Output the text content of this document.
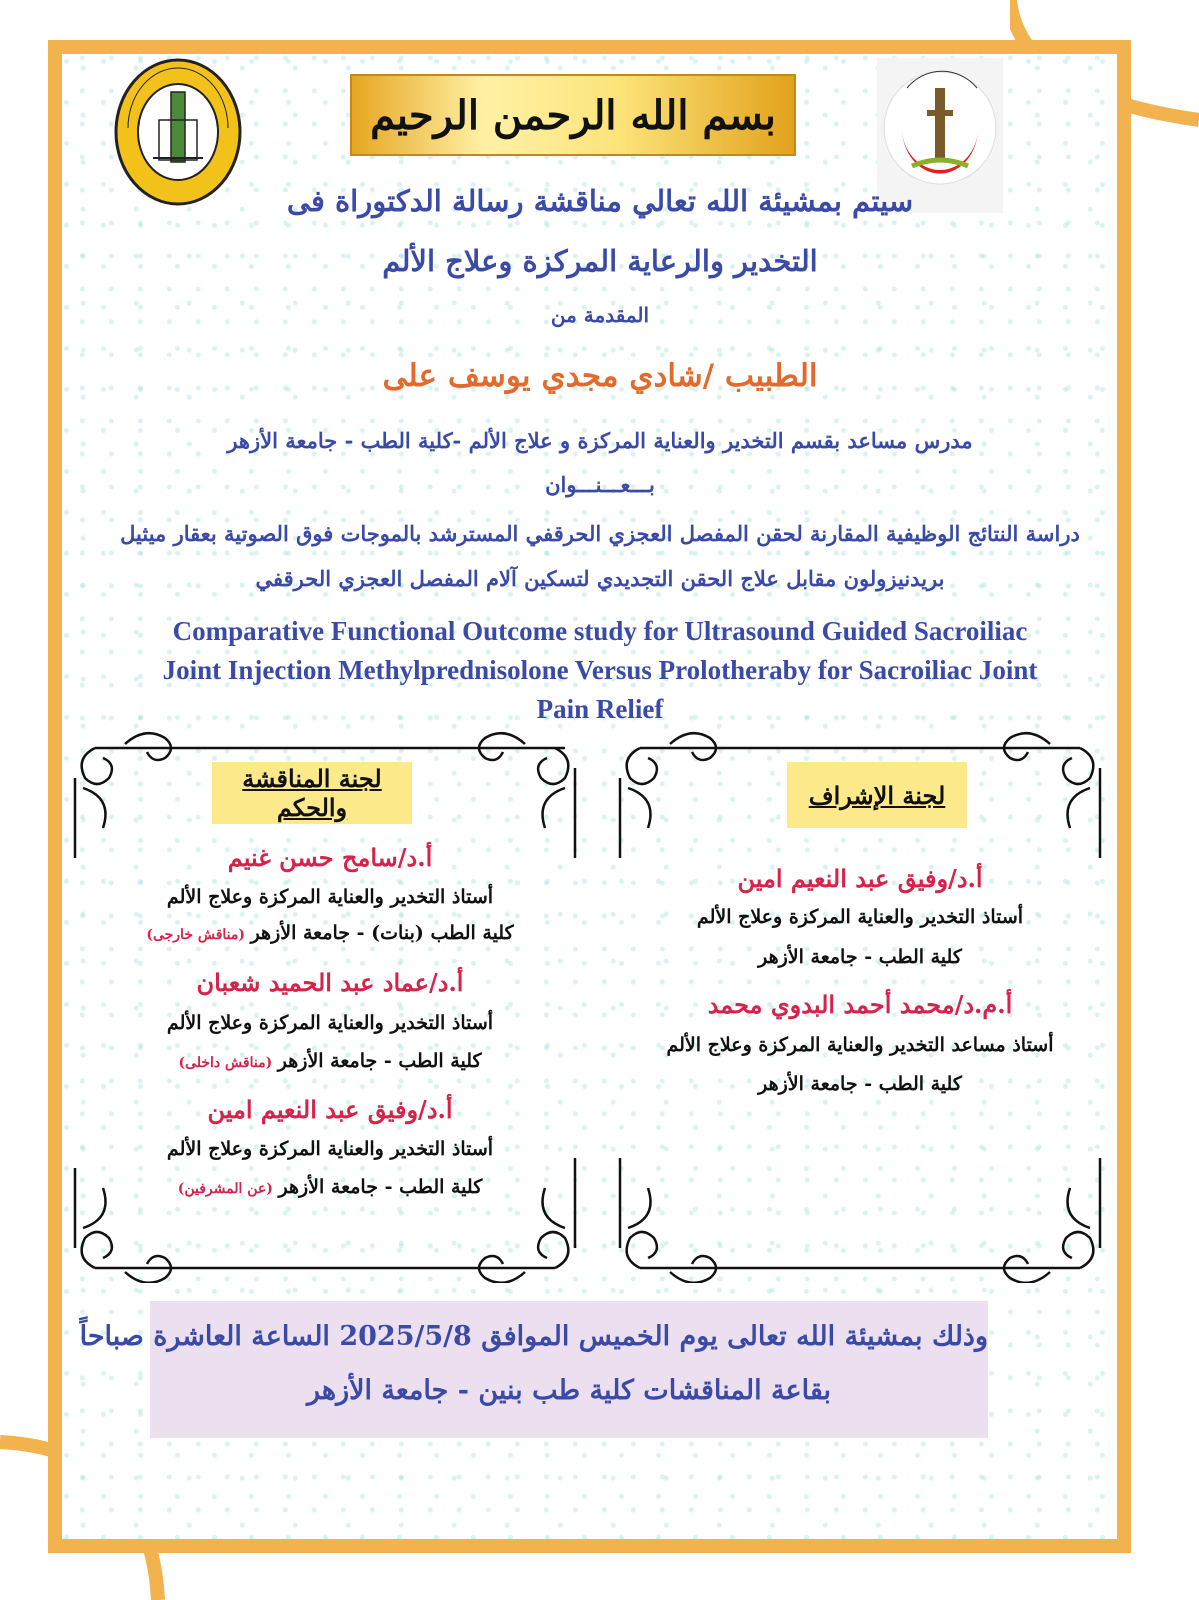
بسم الله الرحمن الرحيم
سيتم بمشيئة الله تعالي مناقشة رسالة الدكتوراة فى
التخدير والرعاية المركزة وعلاج الألم
المقدمة من
الطبيب /شادي مجدي يوسف على
مدرس مساعد بقسم التخدير والعناية المركزة و علاج الألم -كلية الطب - جامعة الأزهر
بـــعـــنـــوان
دراسة النتائج الوظيفية المقارنة لحقن المفصل العجزي الحرقفي المسترشد بالموجات فوق الصوتية بعقار ميثيل
بريدنيزولون مقابل علاج الحقن التجديدي لتسكين آلام المفصل العجزي الحرقفي
Comparative Functional Outcome study for Ultrasound Guided Sacroiliac
Joint Injection Methylprednisolone Versus Prolotheraby for Sacroiliac Joint
Pain Relief
لجنة المناقشة والحكم
أ.د/سامح حسن غنيم
أستاذ التخدير والعناية المركزة وعلاج الألم
كلية الطب (بنات) - جامعة الأزهر (مناقش خارجى)
أ.د/عماد عبد الحميد شعبان
أستاذ التخدير والعناية المركزة وعلاج الألم
كلية الطب - جامعة الأزهر (مناقش داخلى)
أ.د/وفيق عبد النعيم امين
أستاذ التخدير والعناية المركزة وعلاج الألم
كلية الطب - جامعة الأزهر (عن المشرفين)
لجنة الإشراف
أ.د/وفيق عبد النعيم امين
أستاذ التخدير والعناية المركزة وعلاج الألم
كلية الطب - جامعة الأزهر
أ.م.د/محمد أحمد البدوي محمد
أستاذ مساعد التخدير والعناية المركزة وعلاج الألم
كلية الطب - جامعة الأزهر
وذلك بمشيئة الله تعالى يوم الخميس الموافق 2025/5/8 الساعة العاشرة صباحاً
بقاعة المناقشات كلية طب بنين - جامعة الأزهر
